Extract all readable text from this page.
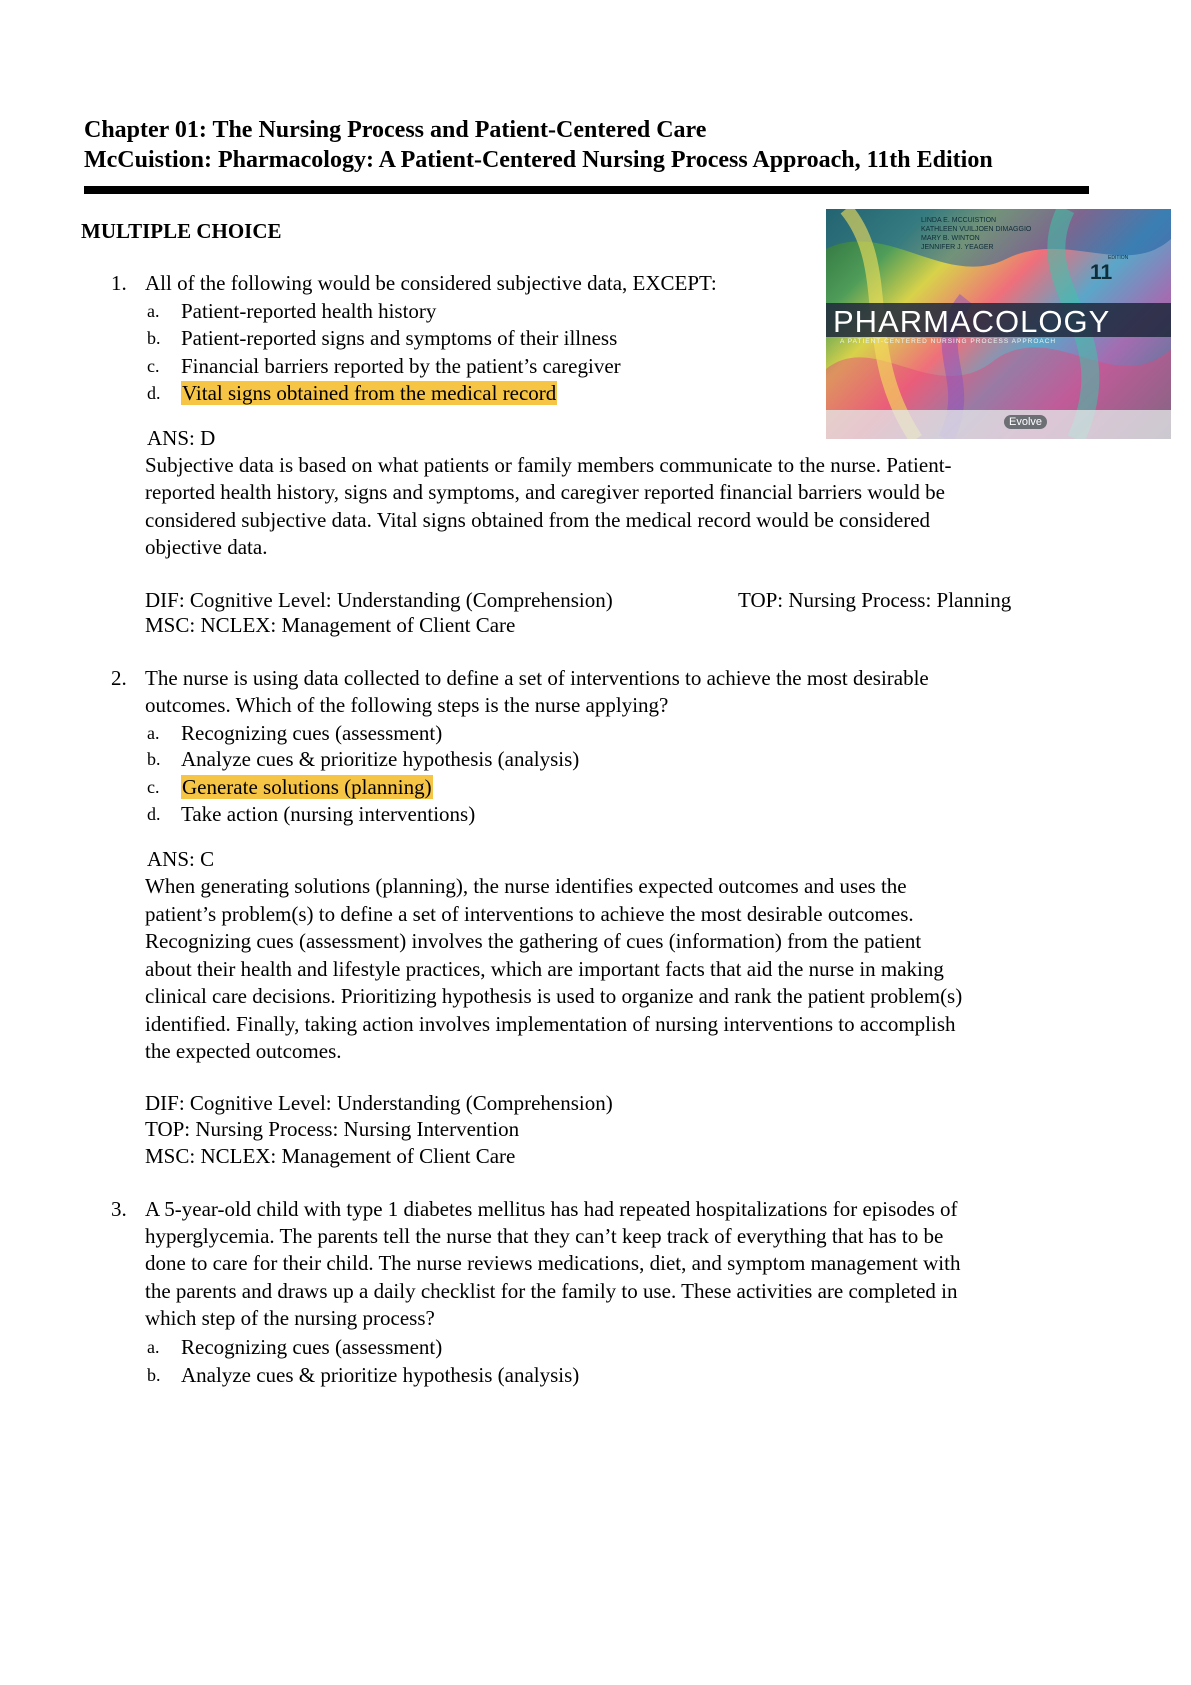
Chapter 01: The Nursing Process and Patient-Centered Care
McCuistion: Pharmacology: A Patient-Centered Nursing Process Approach, 11th Edition
MULTIPLE CHOICE	LINDA E. MCCUISTION
KATHLEEN VUILJOEN DIMAGGIO
MARY B. WINTON
JENNIFER J. YEAGER
EDITION
11
PHARMACOLOGY
A PATIENT-CENTERED NURSING PROCESS APPROACH
Evolve
1. All of the following would be considered subjective data, EXCEPT:
a. Patient-reported health history
b. Patient-reported signs and symptoms of their illness
c. Financial barriers reported by the patient’s caregiver
d. Vital signs obtained from the medical record
ANS: D
Subjective data is based on what patients or family members communicate to the nurse. Patient-
reported health history, signs and symptoms, and caregiver reported financial barriers would be
considered subjective data. Vital signs obtained from the medical record would be considered
objective data.
DIF: Cognitive Level: Understanding (Comprehension)	TOP: Nursing Process: Planning
MSC: NCLEX: Management of Client Care
2. The nurse is using data collected to define a set of interventions to achieve the most desirable
outcomes. Which of the following steps is the nurse applying?
a. Recognizing cues (assessment)
b. Analyze cues & prioritize hypothesis (analysis)
c. Generate solutions (planning)
d. Take action (nursing interventions)
ANS: C
When generating solutions (planning), the nurse identifies expected outcomes and uses the
patient’s problem(s) to define a set of interventions to achieve the most desirable outcomes.
Recognizing cues (assessment) involves the gathering of cues (information) from the patient
about their health and lifestyle practices, which are important facts that aid the nurse in making
clinical care decisions. Prioritizing hypothesis is used to organize and rank the patient problem(s)
identified. Finally, taking action involves implementation of nursing interventions to accomplish
the expected outcomes.
DIF: Cognitive Level: Understanding (Comprehension)
TOP: Nursing Process: Nursing Intervention
MSC: NCLEX: Management of Client Care
3. A 5-year-old child with type 1 diabetes mellitus has had repeated hospitalizations for episodes of
hyperglycemia. The parents tell the nurse that they can’t keep track of everything that has to be
done to care for their child. The nurse reviews medications, diet, and symptom management with
the parents and draws up a daily checklist for the family to use. These activities are completed in
which step of the nursing process?
a. Recognizing cues (assessment)
b. Analyze cues & prioritize hypothesis (analysis)
